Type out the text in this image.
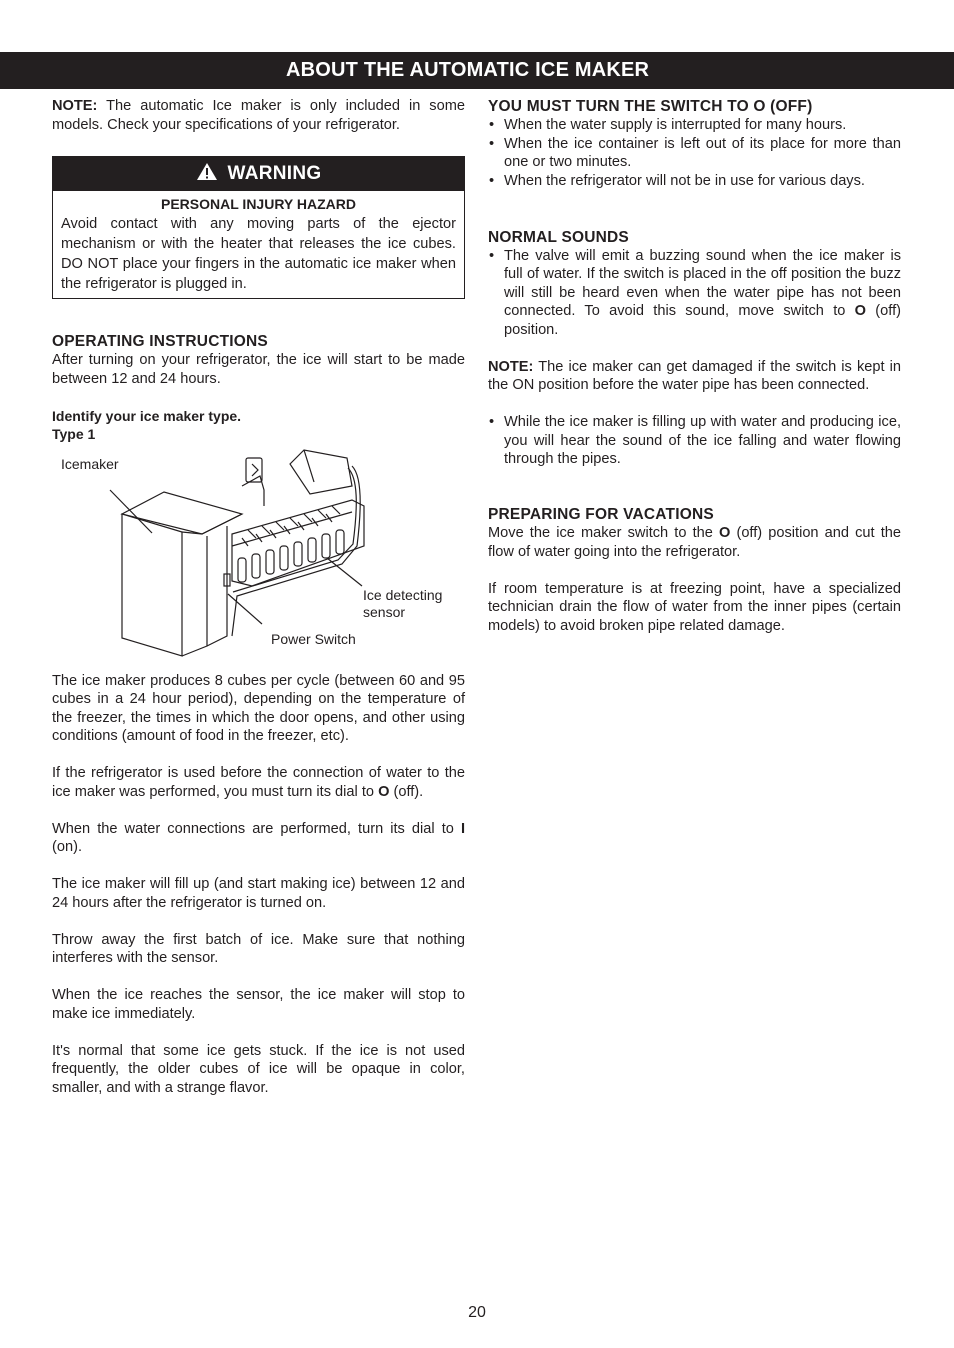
ABOUT THE AUTOMATIC ICE MAKER

NOTE: The automatic Ice maker is only included in some models. Check your specifications of your refrigerator.

WARNING
PERSONAL INJURY HAZARD

Avoid contact with any moving parts of the ejector mechanism or with the heater that releases the ice cubes. DO NOT place your fingers in the automatic ice maker when the refrigerator is plugged in.

OPERATING INSTRUCTIONS

After turning on your refrigerator, the ice will start to be made between 12 and 24 hours.

Identify your ice maker type.
Type 1
Icemaker
Ice detecting
sensor
Power Switch

The ice maker produces 8 cubes per cycle (between 60 and 95 cubes in a 24 hour period), depending on the temperature of the freezer, the times in which the door opens, and other using conditions (amount of food in the freezer, etc).

If the refrigerator is used before the connection of water to the ice maker was performed, you must turn its dial to O (off).

When the water connections are performed, turn its dial to I (on).

The ice maker will fill up (and start making ice) between 12 and 24 hours after the refrigerator is turned on.

Throw away the first batch of ice. Make sure that nothing interferes with the sensor.

When the ice reaches the sensor, the ice maker will stop to make ice immediately.

It's normal that some ice gets stuck. If the ice is not used frequently, the older cubes of ice will be opaque in color, smaller, and with a strange flavor.

YOU MUST TURN THE SWITCH TO O (OFF)
• When the water supply is interrupted for many hours.
• When the ice container is left out of its place for more than one or two minutes.
• When the refrigerator will not be in use for various days.
NORMAL SOUNDS
• The valve will emit a buzzing sound when the ice maker is full of water. If the switch is placed in the off position the buzz will still be heard even when the water pipe has not been connected. To avoid this sound, move switch to O (off) position.

NOTE: The ice maker can get damaged if the switch is kept in the ON position before the water pipe has been connected.

• While the ice maker is filling up with water and producing ice, you will hear the sound of the ice falling and water flowing through the pipes.
PREPARING FOR VACATIONS

Move the ice maker switch to the O (off) position and cut the flow of water going into the refrigerator.

If room temperature is at freezing point, have a specialized technician drain the flow of water from the inner pipes (certain models) to avoid broken pipe related damage.

20
